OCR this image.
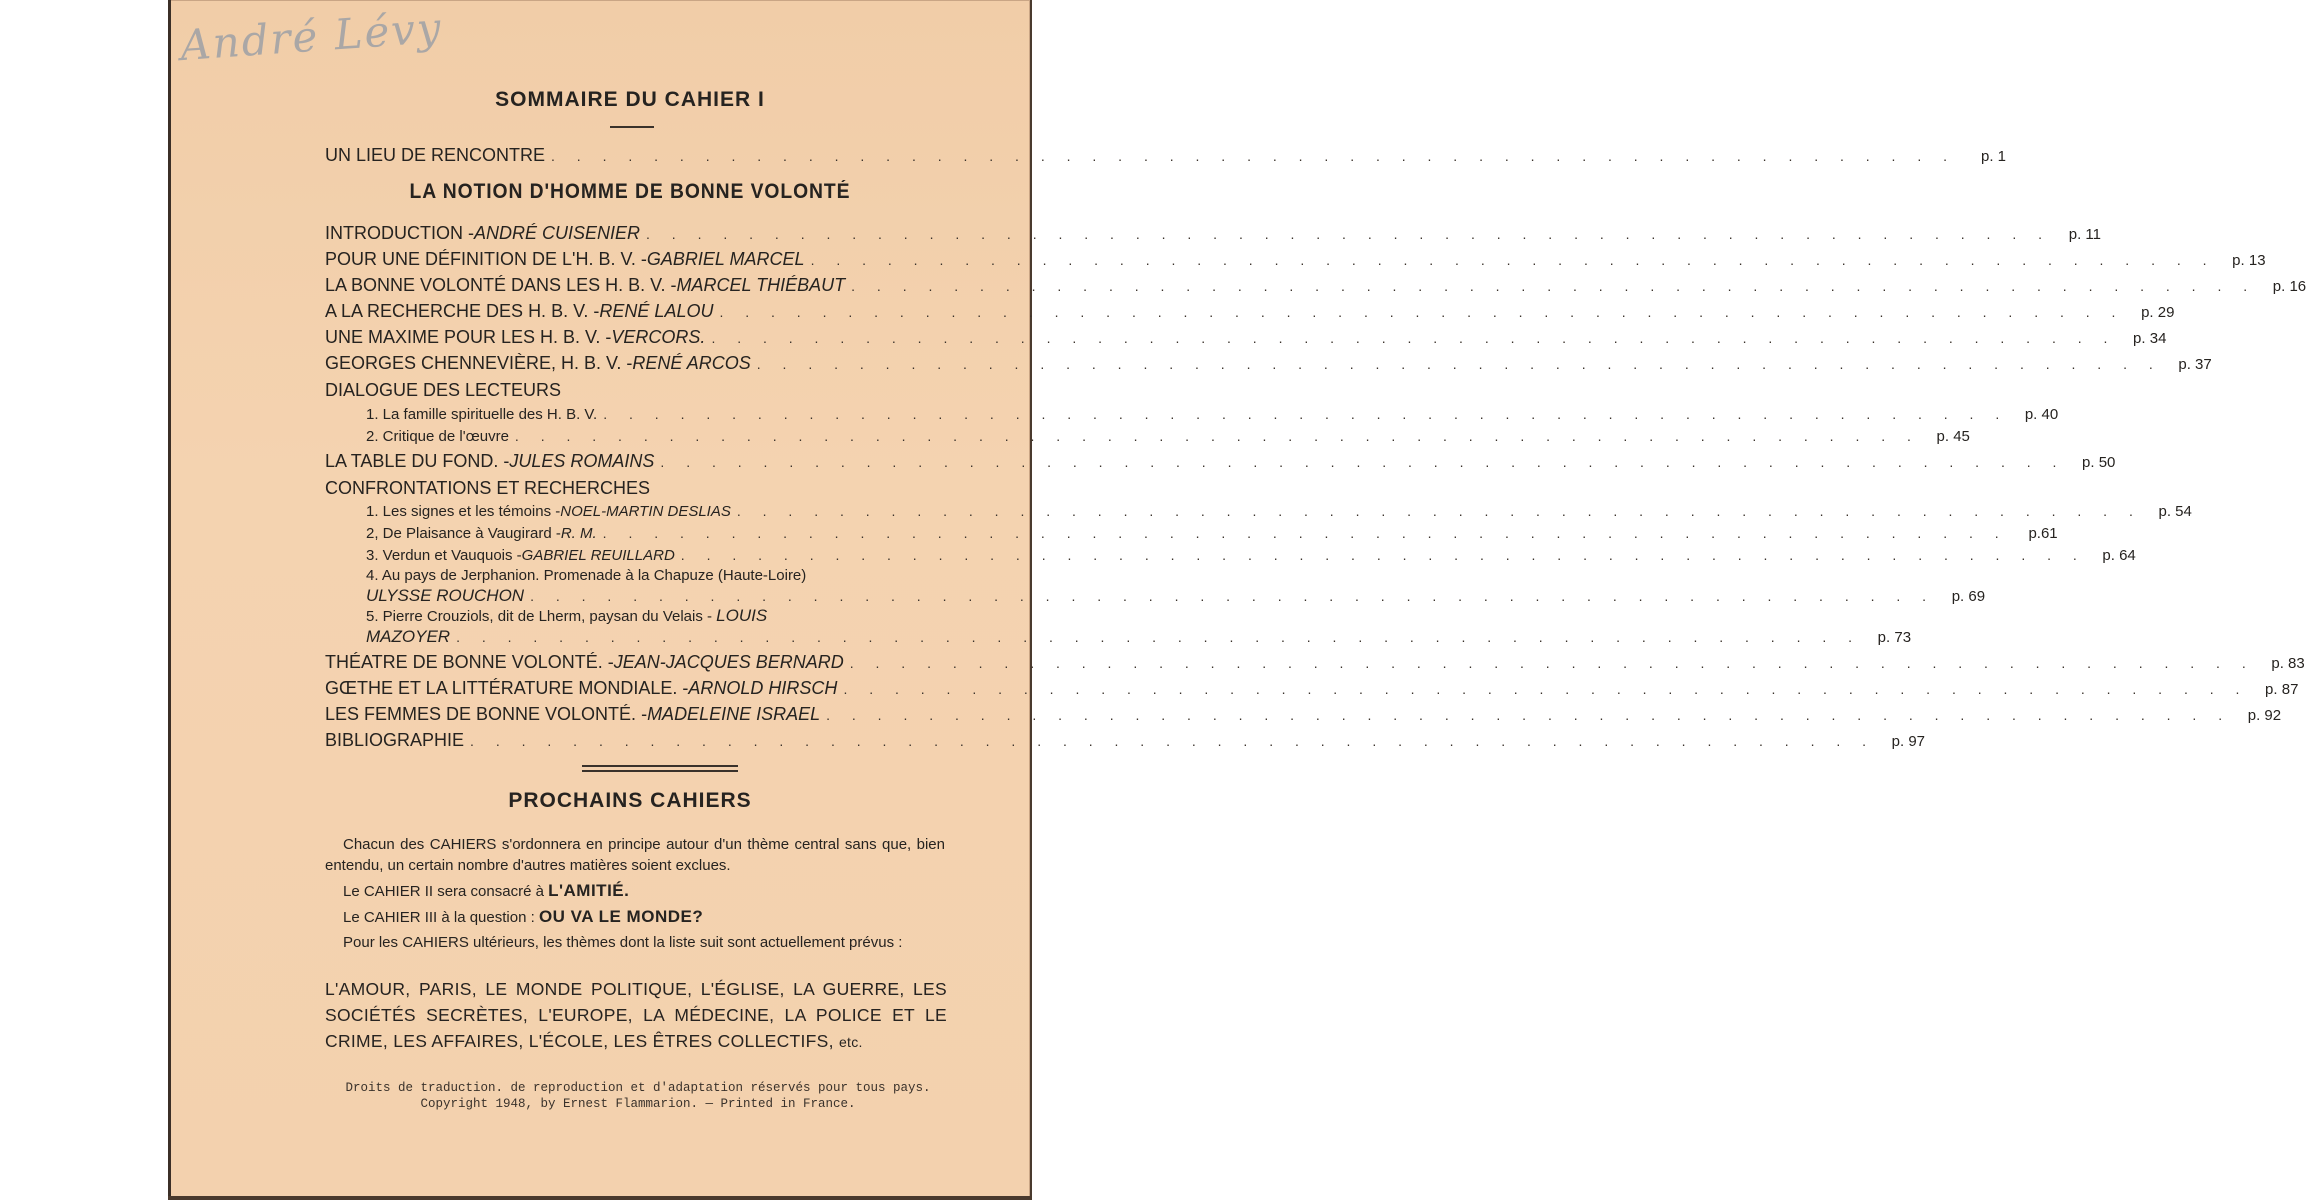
André Lévy
SOMMAIRE DU CAHIER I
UN LIEU DE RENCONTRE . . . . . . . . . . . . . . . . . . . . . . . . . . . . . . . . . . . . . . . . . . . . . . . . . . . . . . .	p. 1
LA NOTION D'HOMME DE BONNE VOLONTÉ
INTRODUCTION - ANDRÉ CUISENIER . . . . . . . . . . . . . . . . . . . . . . . . . . . . . . . . . . . . . . . . . . . . . . . . . . . . . . .	p. 11
POUR UNE DÉFINITION DE L'H. B. V. - GABRIEL MARCEL . . . . . . . . . . . . . . . . . . . . . . . . . . . . . . . . . . . . . . . . . . . . . . . . . . . . . . .	p. 13
LA BONNE VOLONTÉ DANS LES H. B. V. - MARCEL THIÉBAUT . . . . . . . . . . . . . . . . . . . . . . . . . . . . . . . . . . . . . . . . . . . . . . . . . . . . . . .	p. 16
A LA RECHERCHE DES H. B. V. - RENÉ LALOU . . . . . . . . . . . . . . . . . . . . . . . . . . . . . . . . . . . . . . . . . . . . . . . . . . . . . . .	p. 29
UNE MAXIME POUR LES H. B. V. - VERCORS. . . . . . . . . . . . . . . . . . . . . . . . . . . . . . . . . . . . . . . . . . . . . . . . . . . . . . . .	p. 34
GEORGES CHENNEVIÈRE, H. B. V. - RENÉ ARCOS . . . . . . . . . . . . . . . . . . . . . . . . . . . . . . . . . . . . . . . . . . . . . . . . . . . . . . .	p. 37
DIALOGUE DES LECTEURS
1. La famille spirituelle des H. B. V. . . . . . . . . . . . . . . . . . . . . . . . . . . . . . . . . . . . . . . . . . . . . . . . . . . . . . . .	p. 40
2. Critique de l'œuvre . . . . . . . . . . . . . . . . . . . . . . . . . . . . . . . . . . . . . . . . . . . . . . . . . . . . . . .	p. 45
LA TABLE DU FOND. - JULES ROMAINS . . . . . . . . . . . . . . . . . . . . . . . . . . . . . . . . . . . . . . . . . . . . . . . . . . . . . . .	p. 50
CONFRONTATIONS ET RECHERCHES
1. Les signes et les témoins - NOEL-MARTIN DESLIAS . . . . . . . . . . . . . . . . . . . . . . . . . . . . . . . . . . . . . . . . . . . . . . . . . . . . . . .	p. 54
2, De Plaisance à Vaugirard - R. M. . . . . . . . . . . . . . . . . . . . . . . . . . . . . . . . . . . . . . . . . . . . . . . . . . . . . . . .	p.61
3. Verdun et Vauquois - GABRIEL REUILLARD . . . . . . . . . . . . . . . . . . . . . . . . . . . . . . . . . . . . . . . . . . . . . . . . . . . . . . .	p. 64
4. Au pays de Jerphanion. Promenade à la Chapuze (Haute-Loire)
ULYSSE ROUCHON . . . . . . . . . . . . . . . . . . . . . . . . . . . . . . . . . . . . . . . . . . . . . . . . . . . . . . .	p. 69
5. Pierre Crouziols, dit de Lherm, paysan du Velais - LOUIS
MAZOYER . . . . . . . . . . . . . . . . . . . . . . . . . . . . . . . . . . . . . . . . . . . . . . . . . . . . . . .	p. 73
THÉATRE DE BONNE VOLONTÉ. - JEAN-JACQUES BERNARD . . . . . . . . . . . . . . . . . . . . . . . . . . . . . . . . . . . . . . . . . . . . . . . . . . . . . . .	p. 83
GŒTHE ET LA LITTÉRATURE MONDIALE. - ARNOLD HIRSCH . . . . . . . . . . . . . . . . . . . . . . . . . . . . . . . . . . . . . . . . . . . . . . . . . . . . . . .	p. 87
LES FEMMES DE BONNE VOLONTÉ. - MADELEINE ISRAEL . . . . . . . . . . . . . . . . . . . . . . . . . . . . . . . . . . . . . . . . . . . . . . . . . . . . . . .	p. 92
BIBLIOGRAPHIE . . . . . . . . . . . . . . . . . . . . . . . . . . . . . . . . . . . . . . . . . . . . . . . . . . . . . . .	p. 97
PROCHAINS CAHIERS
Chacun des CAHIERS s'ordonnera en principe autour d'un thème central sans que, bien entendu, un certain nombre d'autres matières soient exclues.
Le CAHIER II sera consacré à L'AMITIÉ.
Le CAHIER III à la question : OU VA LE MONDE?
Pour les CAHIERS ultérieurs, les thèmes dont la liste suit sont actuellement prévus :
L'AMOUR, PARIS, LE MONDE POLITIQUE, L'ÉGLISE, LA GUERRE, LES SOCIÉTÉS SECRÈTES, L'EUROPE, LA MÉDECINE, LA POLICE ET LE CRIME, LES AFFAIRES, L'ÉCOLE, LES ÊTRES COLLECTIFS, etc.
Droits de traduction. de reproduction et d'adaptation réservés pour tous pays.
Copyright 1948, by Ernest Flammarion. — Printed in France.
